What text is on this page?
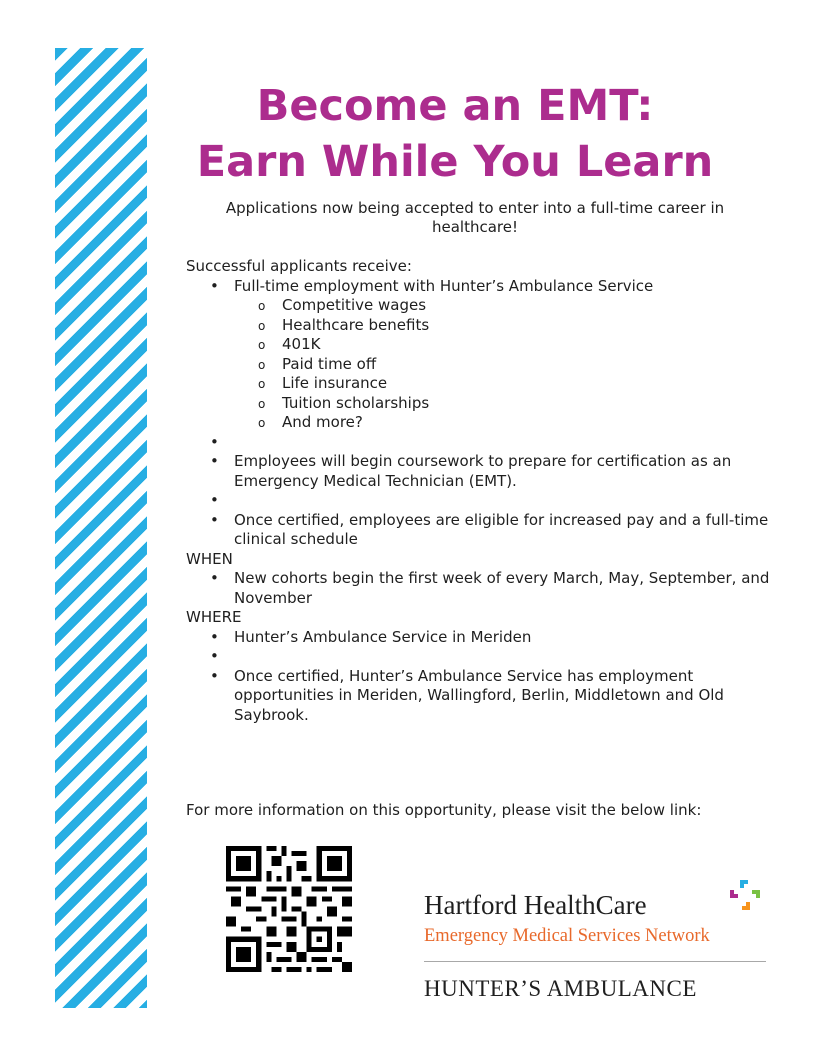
Become an EMT:
Earn While You Learn

Applications now being accepted to enter into a full-time career in healthcare!

Successful applicants receive:

• Full-time employment with Hunter’s Ambulance Service
o Competitive wages
o Healthcare benefits
o 401K
o Paid time off
o Life insurance
o Tuition scholarships
o And more?
•
• Employees will begin coursework to prepare for certification as an Emergency Medical Technician (EMT).
•
• Once certified, employees are eligible for increased pay and a full-time clinical schedule

WHEN

• New cohorts begin the first week of every March, May, September, and November

WHERE

• Hunter’s Ambulance Service in Meriden
•
• Once certified, Hunter’s Ambulance Service has employment opportunities in Meriden, Wallingford, Berlin, Middletown and Old Saybrook.

For more information on this opportunity, please visit the below link:

Hartford HealthCare
Emergency Medical Services Network
HUNTER’S AMBULANCE
